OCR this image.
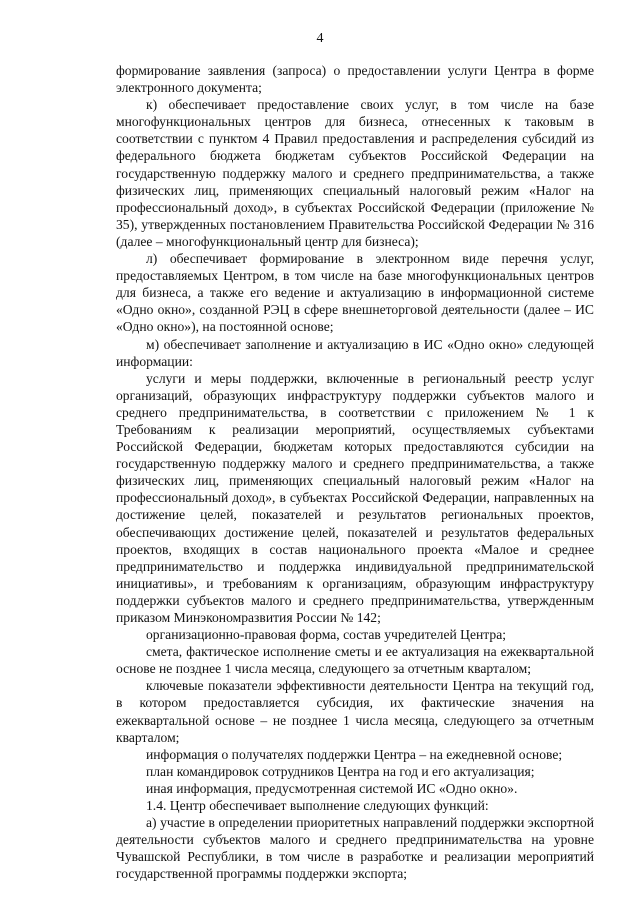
4

формирование заявления (запроса) о предоставлении услуги Центра в форме электронного документа;

к) обеспечивает предоставление своих услуг, в том числе на базе многофункциональных центров для бизнеса, отнесенных к таковым в соответствии с пунктом 4 Правил предоставления и распределения субсидий из федерального бюджета бюджетам субъектов Российской Федерации на государственную поддержку малого и среднего предпринимательства, а также физических лиц, применяющих специальный налоговый режим «Налог на профессиональный доход», в субъектах Российской Федерации (приложение № 35), утвержденных постановлением Правительства Российской Федерации № 316 (далее – многофункциональный центр для бизнеса);

л) обеспечивает формирование в электронном виде перечня услуг, предоставляемых Центром, в том числе на базе многофункциональных центров для бизнеса, а также его ведение и актуализацию в информационной системе «Одно окно», созданной РЭЦ в сфере внешнеторговой деятельности (далее – ИС «Одно окно»), на постоянной основе;

м) обеспечивает заполнение и актуализацию в ИС «Одно окно» следующей информации:

услуги и меры поддержки, включенные в региональный реестр услуг организаций, образующих инфраструктуру поддержки субъектов малого и среднего предпринимательства, в соответствии с приложением № 1 к Требованиям к реализации мероприятий, осуществляемых субъектами Российской Федерации, бюджетам которых предоставляются субсидии на государственную поддержку малого и среднего предпринимательства, а также физических лиц, применяющих специальный налоговый режим «Налог на профессиональный доход», в субъектах Российской Федерации, направленных на достижение целей, показателей и результатов региональных проектов, обеспечивающих достижение целей, показателей и результатов федеральных проектов, входящих в состав национального проекта «Малое и среднее предпринимательство и поддержка индивидуальной предпринимательской инициативы», и требованиям к организациям, образующим инфраструктуру поддержки субъектов малого и среднего предпринимательства, утвержденным приказом Минэкономразвития России № 142;

организационно-правовая форма, состав учредителей Центра;

смета, фактическое исполнение сметы и ее актуализация на ежеквартальной основе не позднее 1 числа месяца, следующего за отчетным кварталом;

ключевые показатели эффективности деятельности Центра на текущий год, в котором предоставляется субсидия, их фактические значения на ежеквартальной основе – не позднее 1 числа месяца, следующего за отчетным кварталом;

информация о получателях поддержки Центра – на ежедневной основе;

план командировок сотрудников Центра на год и его актуализация;

иная информация, предусмотренная системой ИС «Одно окно».

1.4. Центр обеспечивает выполнение следующих функций:

а) участие в определении приоритетных направлений поддержки экспортной деятельности субъектов малого и среднего предпринимательства на уровне Чувашской Республики, в том числе в разработке и реализации мероприятий государственной программы поддержки экспорта;
